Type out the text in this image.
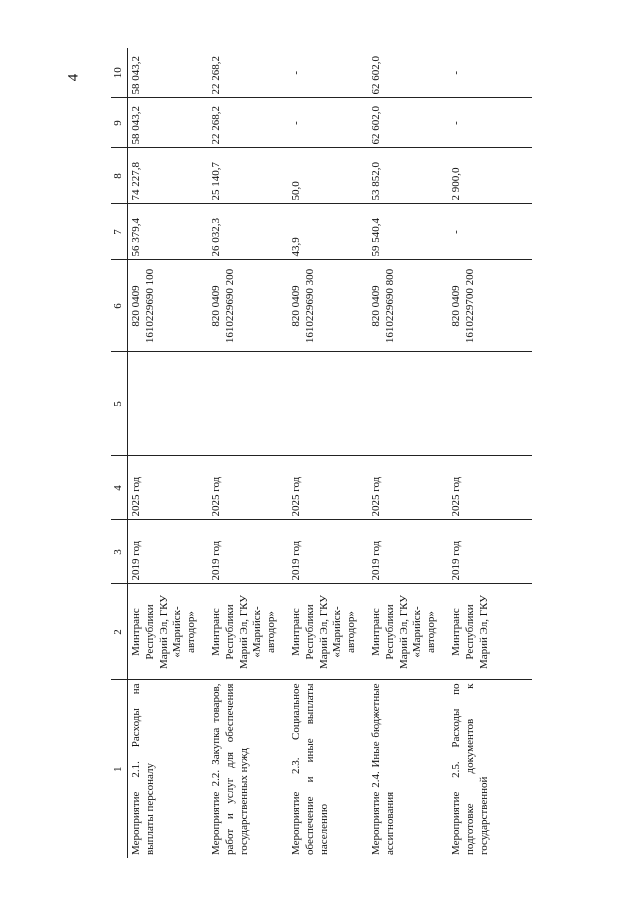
4
1	2	3	4	5	6	7	8	9	10
Мероприятие 2.1. Расходы на выплаты персоналу	Минтранс Республики Марий Эл, ГКУ «Марийск-автодор»	2019 год	2025 год		820 0409 1610229690 100	56 379,4	74 227,8	58 043,2	58 043,2
Мероприятие 2.2. Закупка товаров, работ и услуг для обеспечения государственных нужд	Минтранс Республики Марий Эл, ГКУ «Марийск-автодор»	2019 год	2025 год		820 0409 1610229690 200	26 032,3	25 140,7	22 268,2	22 268,2
Мероприятие 2.3. Социальное обеспечение и иные выплаты населению	Минтранс Республики Марий Эл, ГКУ «Марийск-автодор»	2019 год	2025 год		820 0409 1610229690 300	43,9	50,0	-	-
Мероприятие 2.4. Иные бюджетные ассигнования	Минтранс Республики Марий Эл, ГКУ «Марийск-автодор»	2019 год	2025 год		820 0409 1610229690 800	59 540,4	53 852,0	62 602,0	62 602,0
Мероприятие 2.5. Расходы по подготовке документов к государственной	Минтранс Республики Марий Эл, ГКУ	2019 год	2025 год		820 0409 1610229700 200	-	2 900,0	-	-
